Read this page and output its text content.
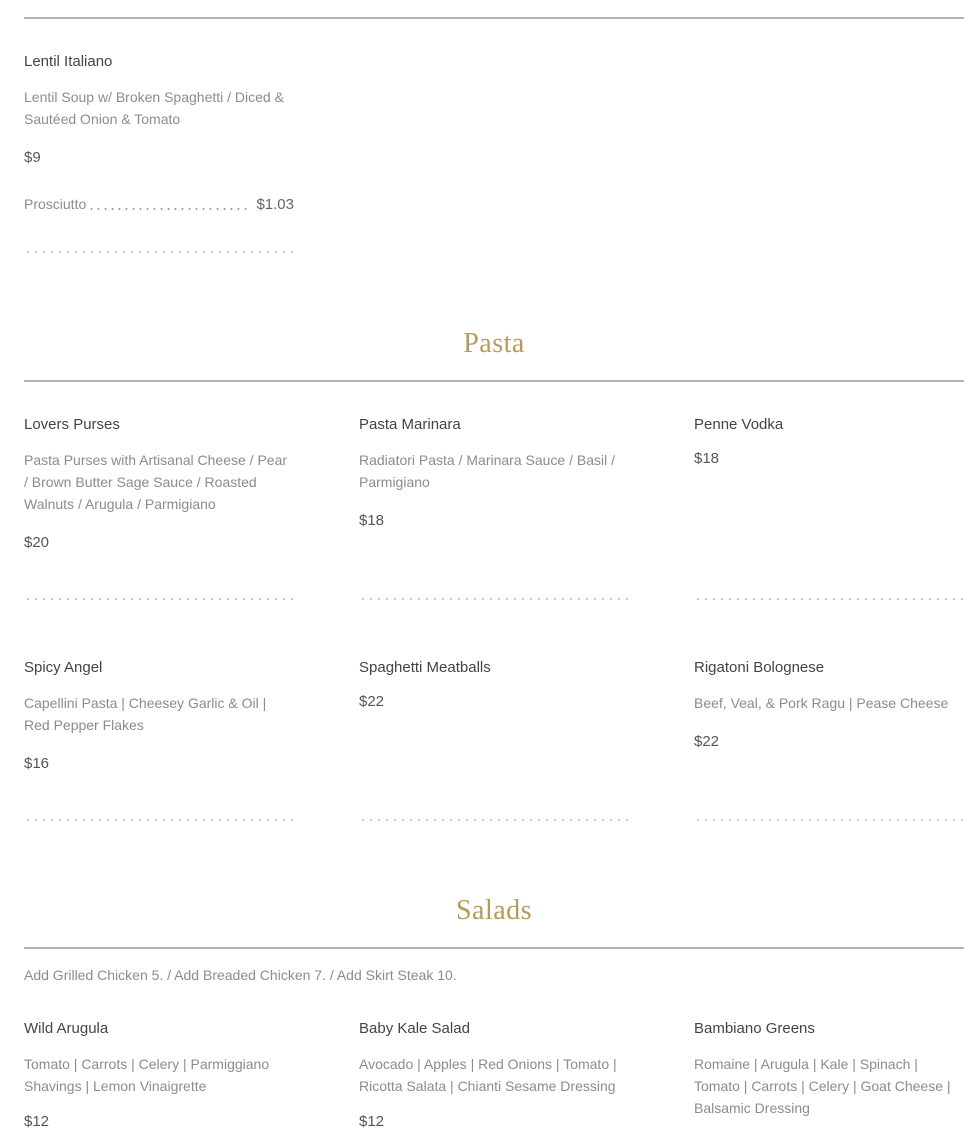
Lentil Italiano
Lentil Soup w/ Broken Spaghetti / Diced & Sautéed Onion & Tomato
$9
Prosciutto	$1.03
Pasta
Lovers Purses
Pasta Purses with Artisanal Cheese / Pear / Brown Butter Sage Sauce / Roasted Walnuts / Arugula / Parmigiano
$20
Pasta Marinara
Radiatori Pasta / Marinara Sauce / Basil / Parmigiano
$18
Penne Vodka
$18
Spicy Angel
Capellini Pasta | Cheesey Garlic & Oil | Red Pepper Flakes
$16
Spaghetti Meatballs
$22
Rigatoni Bolognese
Beef, Veal, & Pork Ragu | Pease Cheese
$22
Salads
Add Grilled Chicken 5. / Add Breaded Chicken 7. / Add Skirt Steak 10.
Wild Arugula
Tomato | Carrots | Celery | Parmiggiano Shavings | Lemon Vinaigrette
$12
Baby Kale Salad
Avocado | Apples | Red Onions | Tomato | Ricotta Salata | Chianti Sesame Dressing
$12
Bambiano Greens
Romaine | Arugula | Kale | Spinach | Tomato | Carrots | Celery | Goat Cheese | Balsamic Dressing
